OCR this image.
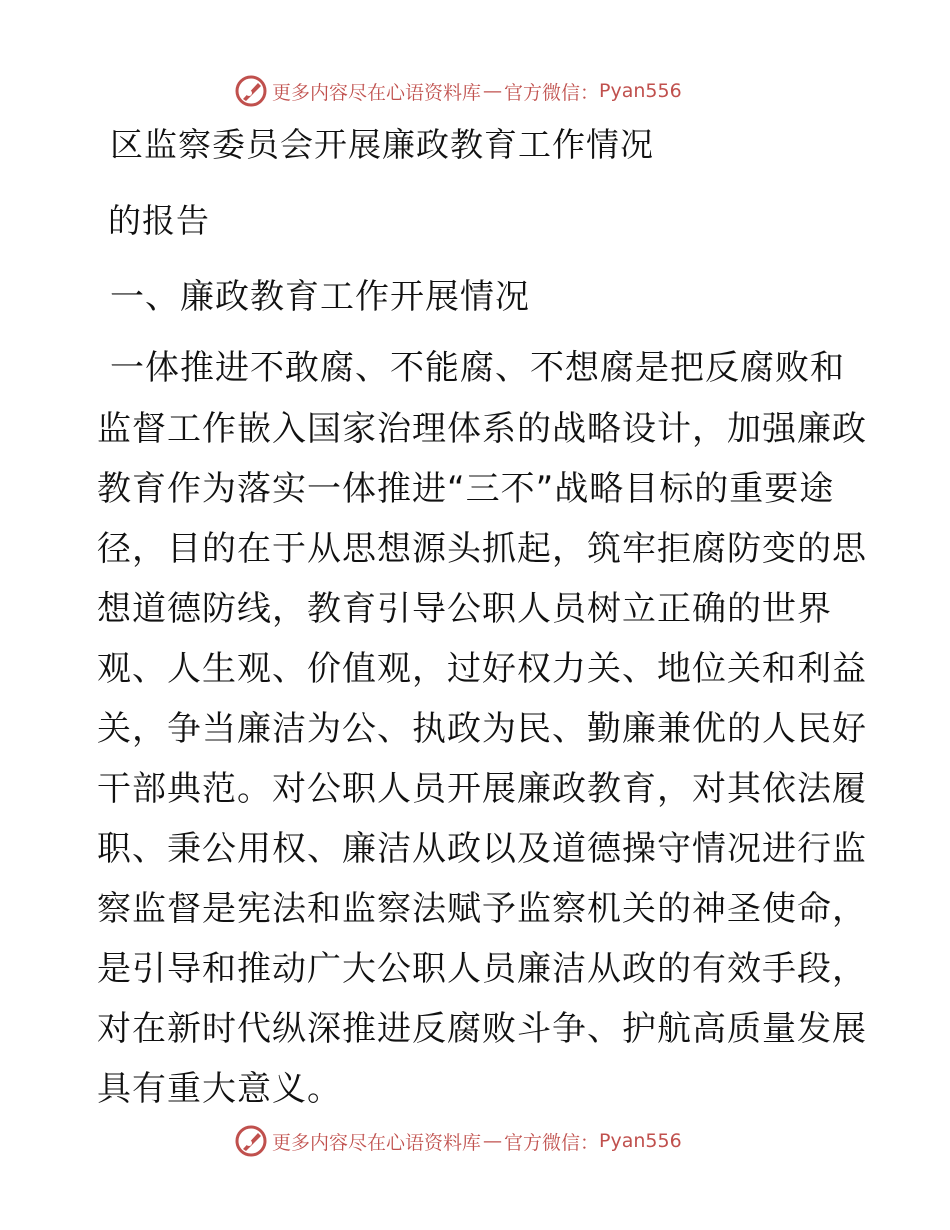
更多内容尽在心语资料库 — 官方微信： Pyan556
区监察委员会开展廉政教育工作情况
的报告
一、廉政教育工作开展情况
一体推进不敢腐、不能腐、不想腐是把反腐败和
监督工作嵌入国家治理体系的战略设计，加强廉政
教育作为落实一体推进“三不”战略目标的重要途
径，目的在于从思想源头抓起，筑牢拒腐防变的思
想道德防线，教育引导公职人员树立正确的世界
观、人生观、价值观，过好权力关、地位关和利益
关，争当廉洁为公、执政为民、勤廉兼优的人民好
干部典范。对公职人员开展廉政教育，对其依法履
职、秉公用权、廉洁从政以及道德操守情况进行监
察监督是宪法和监察法赋予监察机关的神圣使命，
是引导和推动广大公职人员廉洁从政的有效手段，
对在新时代纵深推进反腐败斗争、护航高质量发展
具有重大意义。
更多内容尽在心语资料库 — 官方微信： Pyan556
